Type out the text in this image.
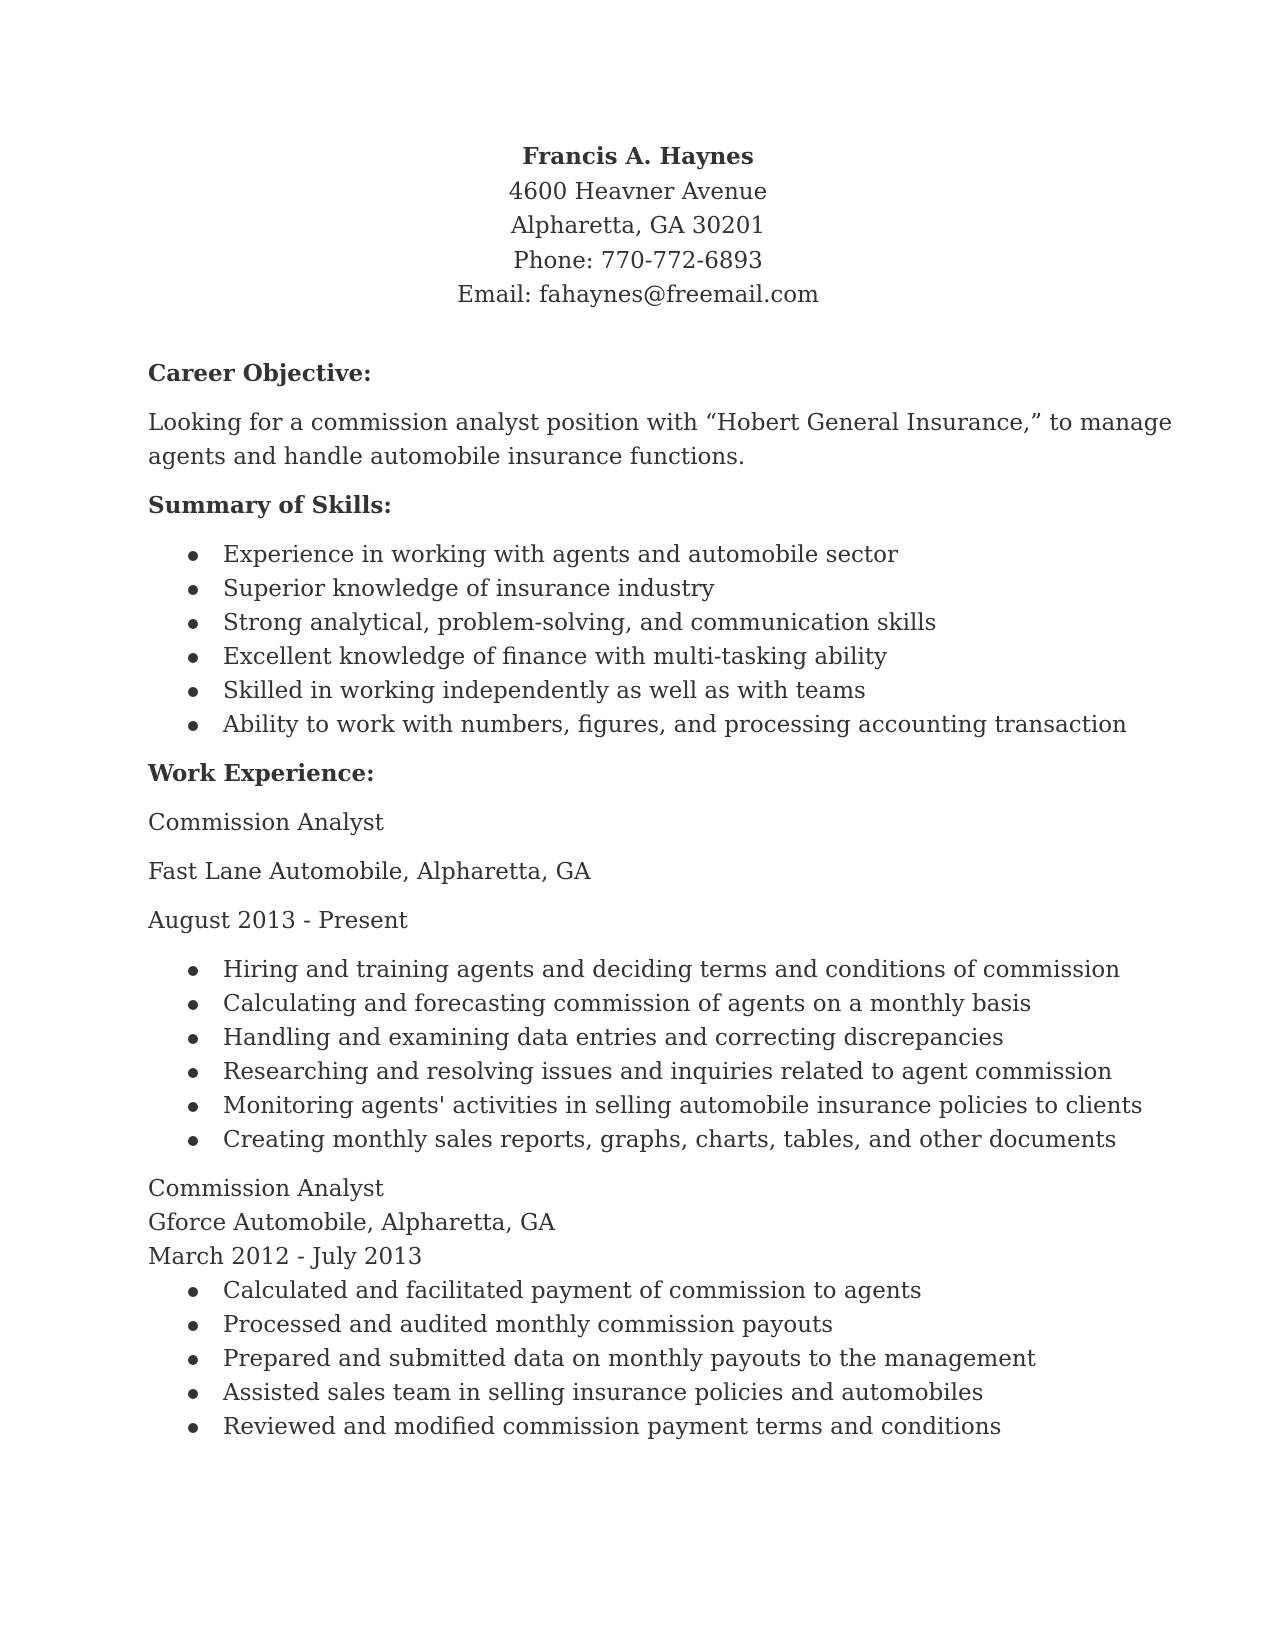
Francis A. Haynes
4600 Heavner Avenue
Alpharetta, GA 30201
Phone: 770-772-6893
Email: fahaynes@freemail.com
Career Objective:
Looking for a commission analyst position with “Hobert General Insurance,” to manage
agents and handle automobile insurance functions.
Summary of Skills:
Experience in working with agents and automobile sector
Superior knowledge of insurance industry
Strong analytical, problem-solving, and communication skills
Excellent knowledge of finance with multi-tasking ability
Skilled in working independently as well as with teams
Ability to work with numbers, figures, and processing accounting transaction
Work Experience:
Commission Analyst
Fast Lane Automobile, Alpharetta, GA
August 2013 - Present
Hiring and training agents and deciding terms and conditions of commission
Calculating and forecasting commission of agents on a monthly basis
Handling and examining data entries and correcting discrepancies
Researching and resolving issues and inquiries related to agent commission
Monitoring agents' activities in selling automobile insurance policies to clients
Creating monthly sales reports, graphs, charts, tables, and other documents
Commission Analyst
Gforce Automobile, Alpharetta, GA
March 2012 - July 2013
Calculated and facilitated payment of commission to agents
Processed and audited monthly commission payouts
Prepared and submitted data on monthly payouts to the management
Assisted sales team in selling insurance policies and automobiles
Reviewed and modified commission payment terms and conditions
